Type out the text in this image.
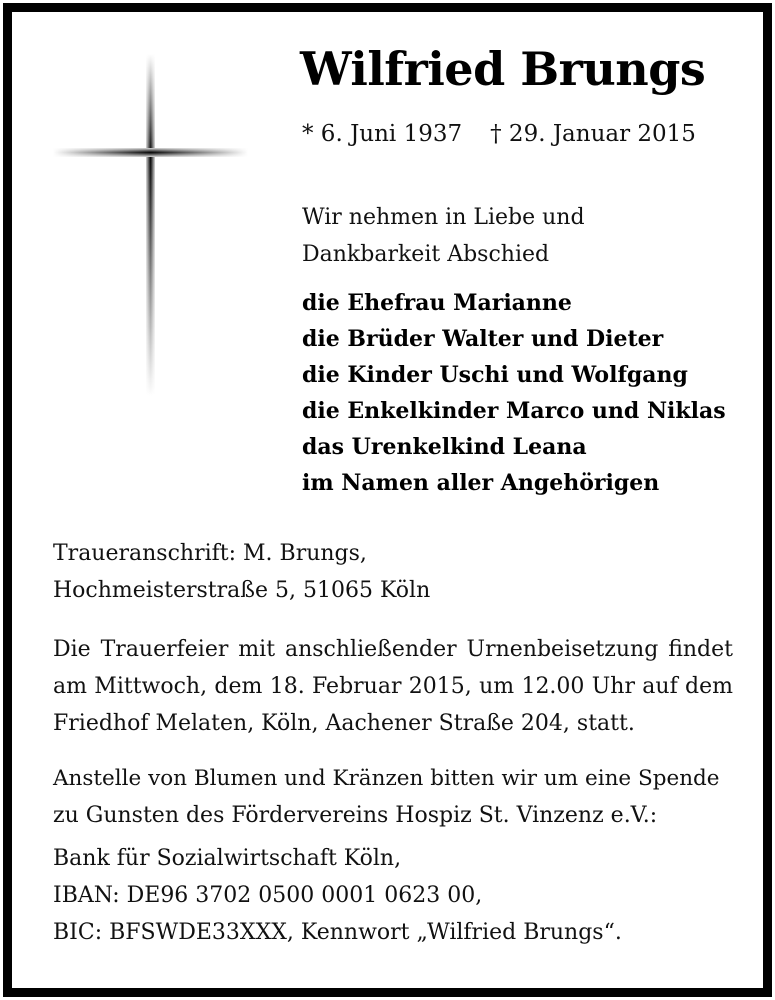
Wilfried Brungs
* 6. Juni 1937 † 29. Januar 2015
Wir nehmen in Liebe und
Dankbarkeit Abschied
die Ehefrau Marianne
die Brüder Walter und Dieter
die Kinder Uschi und Wolfgang
die Enkelkinder Marco und Niklas
das Urenkelkind Leana
im Namen aller Angehörigen
Traueranschrift: M. Brungs,
Hochmeisterstraße 5, 51065 Köln
Die Trauerfeier mit anschließender Urnenbeisetzung findet
am Mittwoch, dem 18. Februar 2015, um 12.00 Uhr auf dem
Friedhof Melaten, Köln, Aachener Straße 204, statt.
Anstelle von Blumen und Kränzen bitten wir um eine Spende
zu Gunsten des Fördervereins Hospiz St. Vinzenz e.V.:
Bank für Sozialwirtschaft Köln,
IBAN: DE96 3702 0500 0001 0623 00,
BIC: BFSWDE33XXX, Kennwort „Wilfried Brungs“.
